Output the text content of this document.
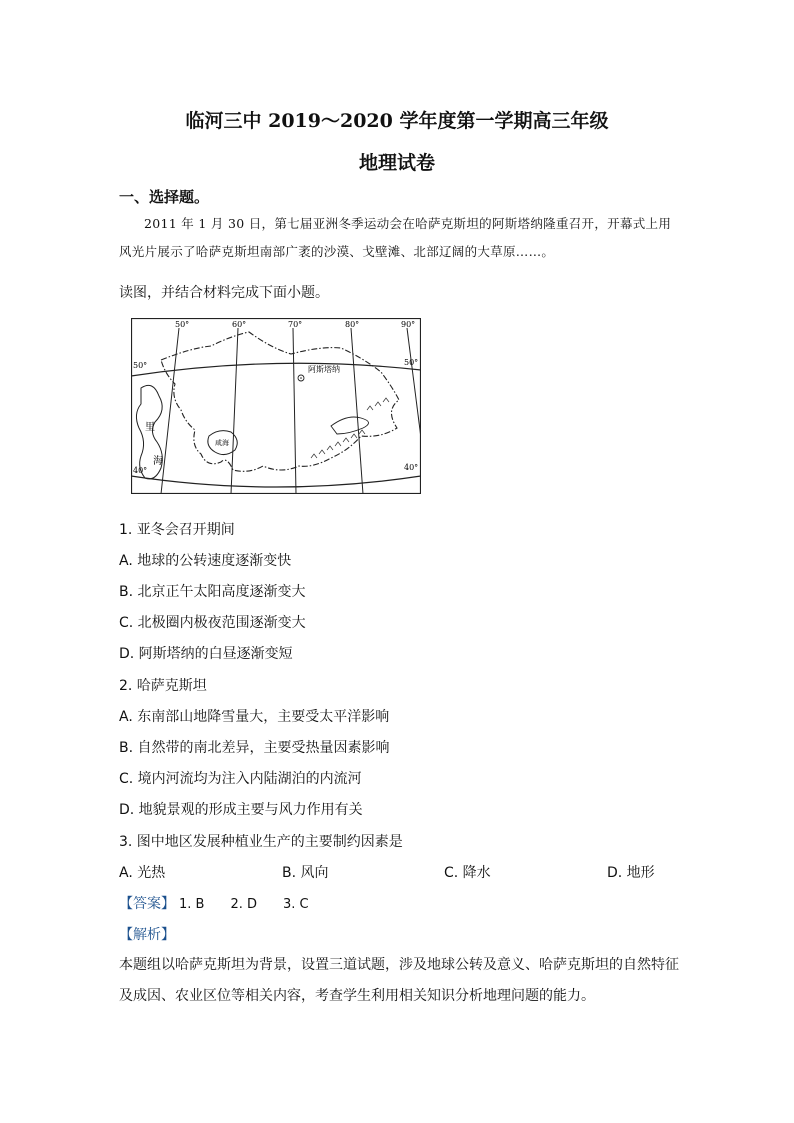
临河三中 2019～2020 学年度第一学期高三年级
地理试卷
一、选择题。
2011 年 1 月 30 日，第七届亚洲冬季运动会在哈萨克斯坦的阿斯塔纳隆重召开，开幕式上用风光片展示了哈萨克斯坦南部广袤的沙漠、戈壁滩、北部辽阔的大草原……。
读图，并结合材料完成下面小题。
50°	60°	70°	80°	90°
50°	50°
40°	40°
里
海
咸海
阿斯塔纳
1. 亚冬会召开期间
A. 地球的公转速度逐渐变快
B. 北京正午太阳高度逐渐变大
C. 北极圈内极夜范围逐渐变大
D. 阿斯塔纳的白昼逐渐变短
2. 哈萨克斯坦
A. 东南部山地降雪量大，主要受太平洋影响
B. 自然带的南北差异，主要受热量因素影响
C. 境内河流均为注入内陆湖泊的内流河
D. 地貌景观的形成主要与风力作用有关
3. 图中地区发展种植业生产的主要制约因素是
A. 光热	B. 风向	C. 降水	D. 地形
【答案】 1. B 2. D 3. C
【解析】
本题组以哈萨克斯坦为背景，设置三道试题，涉及地球公转及意义、哈萨克斯坦的自然特征及成因、农业区位等相关内容，考查学生利用相关知识分析地理问题的能力。
